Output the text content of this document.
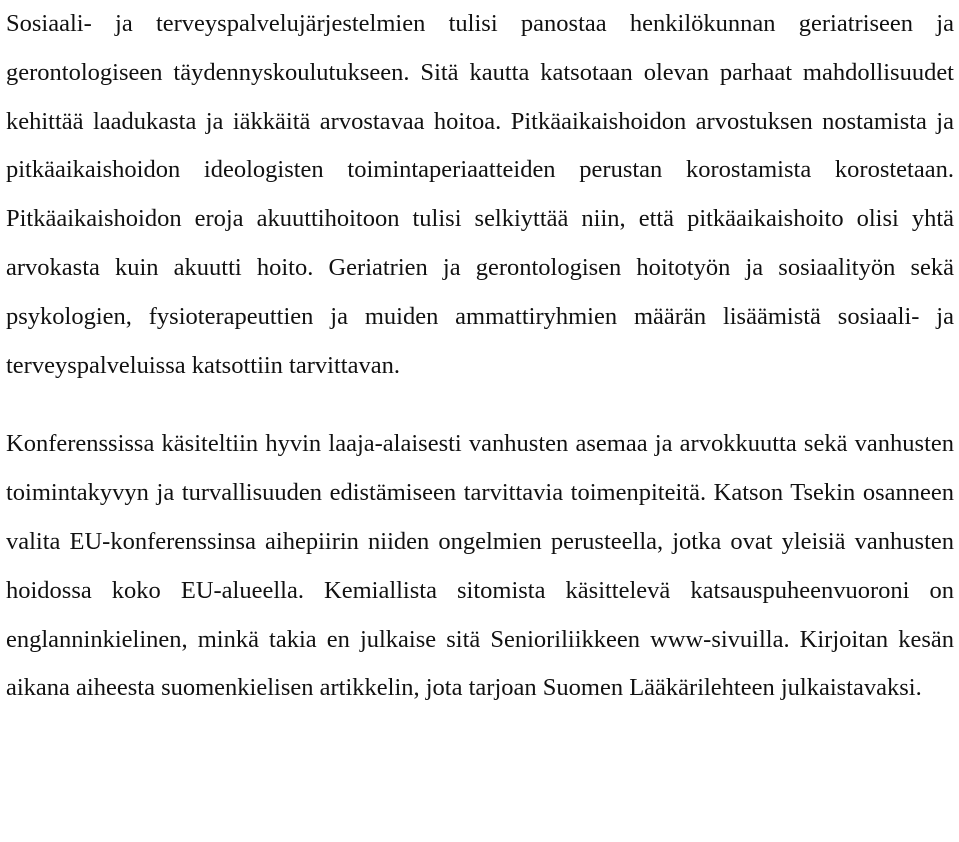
Sosiaali- ja terveyspalvelujärjestelmien tulisi panostaa henkilökunnan geriatriseen ja gerontologiseen täydennyskoulutukseen. Sitä kautta katsotaan olevan parhaat mahdollisuudet kehittää laadukasta ja iäkkäitä arvostavaa hoitoa. Pitkäaikaishoidon arvostuksen nostamista ja pitkäaikaishoidon ideologisten toimintaperiaatteiden perustan korostamista korostetaan. Pitkäaikaishoidon eroja akuuttihoitoon tulisi selkiyttää niin, että pitkäaikaishoito olisi yhtä arvokasta kuin akuutti hoito. Geriatrien ja gerontologisen hoitotyön ja sosiaalityön sekä psykologien, fysioterapeuttien ja muiden ammattiryhmien määrän lisäämistä sosiaali- ja terveyspalveluissa katsottiin tarvittavan.

Konferenssissa käsiteltiin hyvin laaja-alaisesti vanhusten asemaa ja arvokkuutta sekä vanhusten toimintakyvyn ja turvallisuuden edistämiseen tarvittavia toimenpiteitä. Katson Tsekin osanneen valita EU-konferenssinsa aihepiirin niiden ongelmien perusteella, jotka ovat yleisiä vanhusten hoidossa koko EU-alueella. Kemiallista sitomista käsittelevä katsauspuheenvuoroni on englanninkielinen, minkä takia en julkaise sitä Senioriliikkeen www-sivuilla. Kirjoitan kesän aikana aiheesta suomenkielisen artikkelin, jota tarjoan Suomen Lääkärilehteen julkaistavaksi.
